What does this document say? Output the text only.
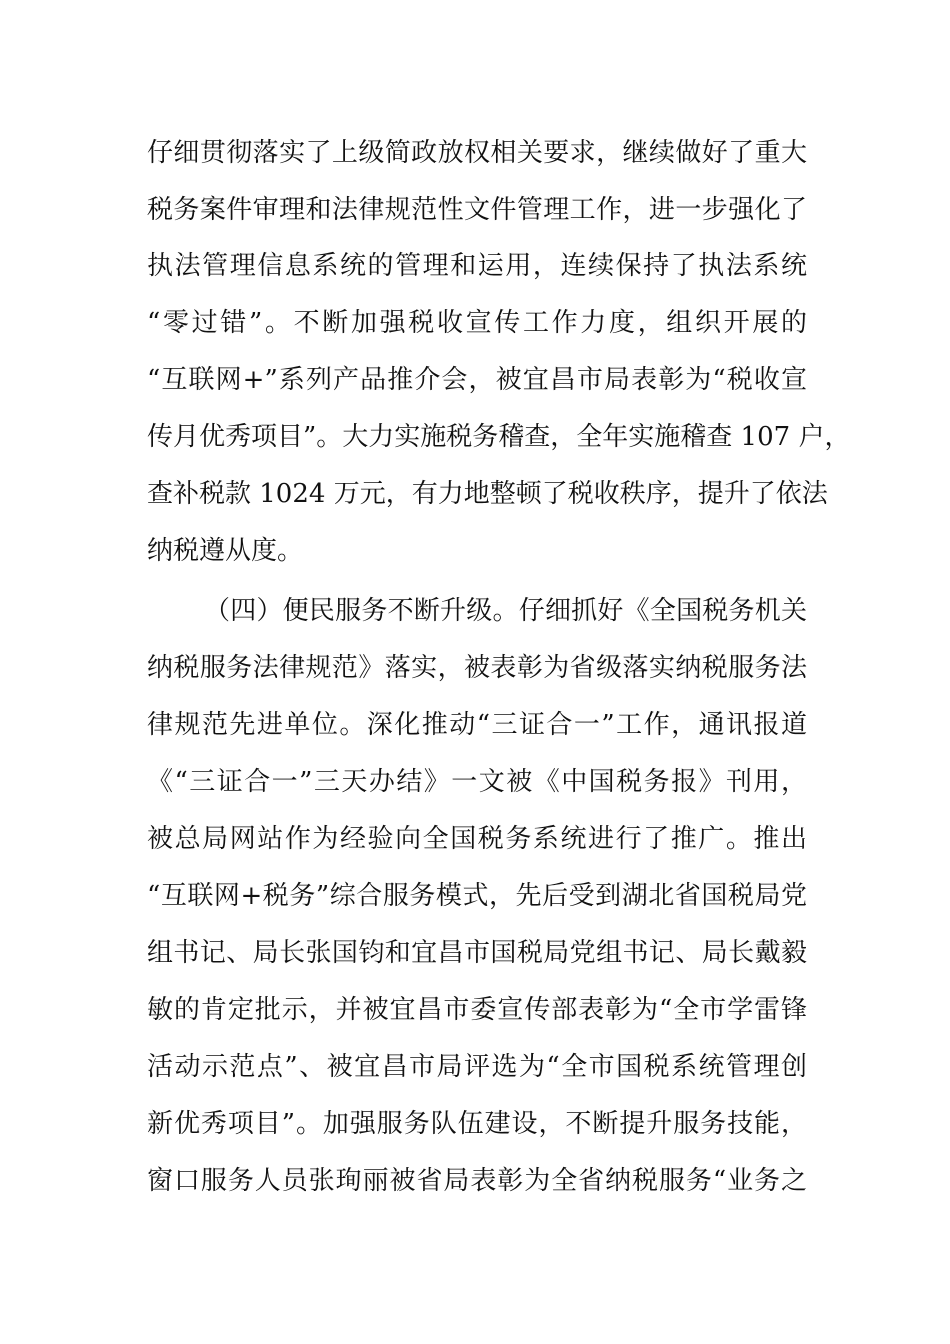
仔细贯彻落实了上级简政放权相关要求，继续做好了重大
税务案件审理和法律规范性文件管理工作，进一步强化了
执法管理信息系统的管理和运用，连续保持了执法系统
“零过错”。不断加强税收宣传工作力度，组织开展的
“互联网+”系列产品推介会，被宜昌市局表彰为“税收宣
传月优秀项目”。大力实施税务稽查，全年实施稽查 107 户，
查补税款 1024 万元，有力地整顿了税收秩序，提升了依法
纳税遵从度。
（四）便民服务不断升级。仔细抓好《全国税务机关
纳税服务法律规范》落实，被表彰为省级落实纳税服务法
律规范先进单位。深化推动“三证合一”工作，通讯报道
《“三证合一”三天办结》一文被《中国税务报》刊用，
被总局网站作为经验向全国税务系统进行了推广。推出
“互联网+税务”综合服务模式，先后受到湖北省国税局党
组书记、局长张国钧和宜昌市国税局党组书记、局长戴毅
敏的肯定批示，并被宜昌市委宣传部表彰为“全市学雷锋
活动示范点”、被宜昌市局评选为“全市国税系统管理创
新优秀项目”。加强服务队伍建设，不断提升服务技能，
窗口服务人员张珣丽被省局表彰为全省纳税服务“业务之
